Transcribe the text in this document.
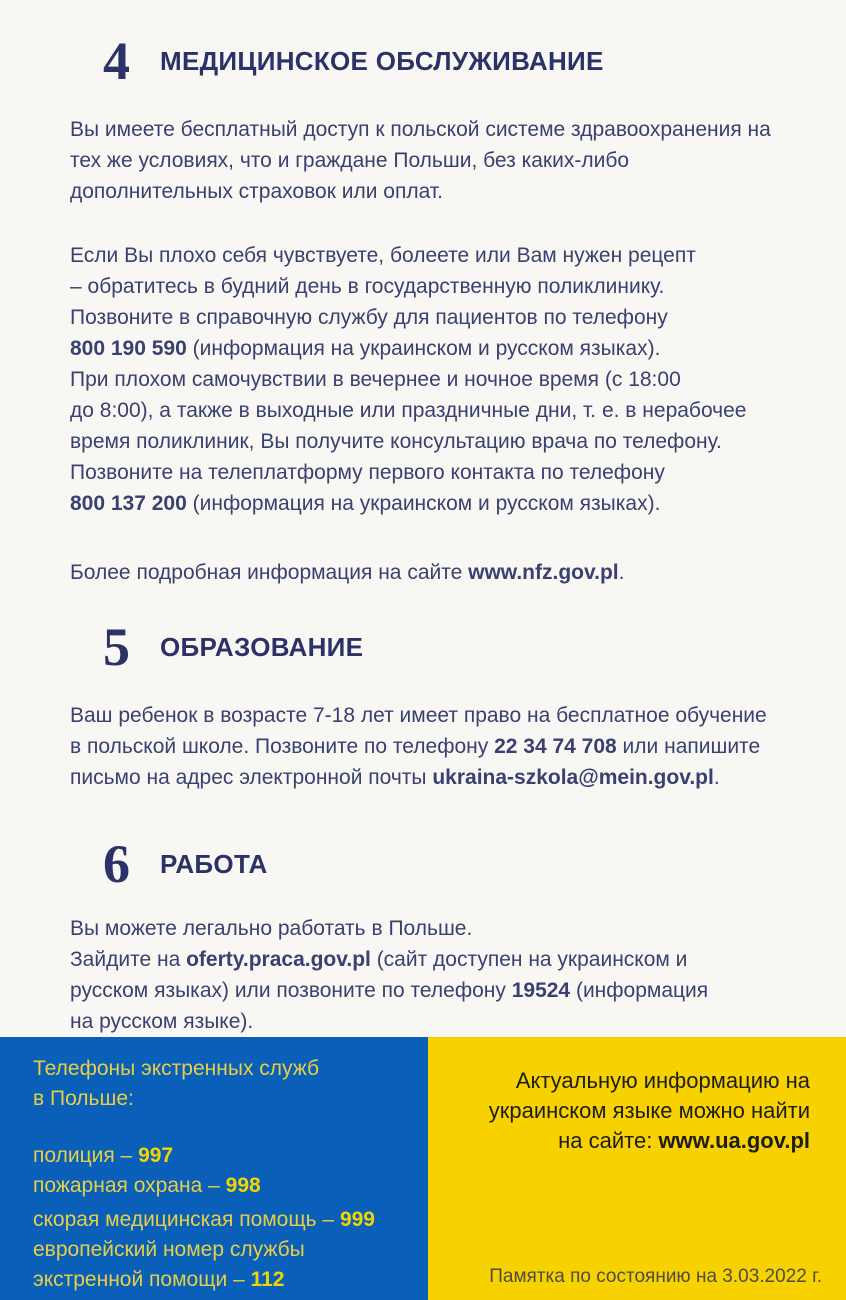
4 МЕДИЦИНСКОЕ ОБСЛУЖИВАНИЕ

Вы имеете бесплатный доступ к польской системе здравоохранения на
тех же условиях, что и граждане Польши, без каких-либо
дополнительных страховок или оплат.

Если Вы плохо себя чувствуете, болеете или Вам нужен рецепт
– обратитесь в будний день в государственную поликлинику.
Позвоните в справочную службу для пациентов по телефону
800 190 590 (информация на украинском и русском языках).
При плохом самочувствии в вечернее и ночное время (с 18:00
до 8:00), а также в выходные или праздничные дни, т. е. в нерабочее
время поликлиник, Вы получите консультацию врача по телефону.
Позвоните на телеплатформу первого контакта по телефону
800 137 200 (информация на украинском и русском языках).

Более подробная информация на сайте www.nfz.gov.pl.

5 ОБРАЗОВАНИЕ

Ваш ребенок в возрасте 7-18 лет имеет право на бесплатное обучение
в польской школе. Позвоните по телефону 22 34 74 708 или напишите
письмо на адрес электронной почты ukraina-szkola@mein.gov.pl.

6 РАБОТА

Вы можете легально работать в Польше.
Зайдите на oferty.praca.gov.pl (сайт доступен на украинском и
русском языках) или позвоните по телефону 19524 (информация
на русском языке).

Телефоны экстренных служб
в Польше:

полиция – 997

пожарная охрана – 998

скорая медицинская помощь – 999

европейский номер службы
экстренной помощи – 112

Актуальную информацию на
украинском языке можно найти
на сайте: www.ua.gov.pl

Памятка по состоянию на 3.03.2022 г.
